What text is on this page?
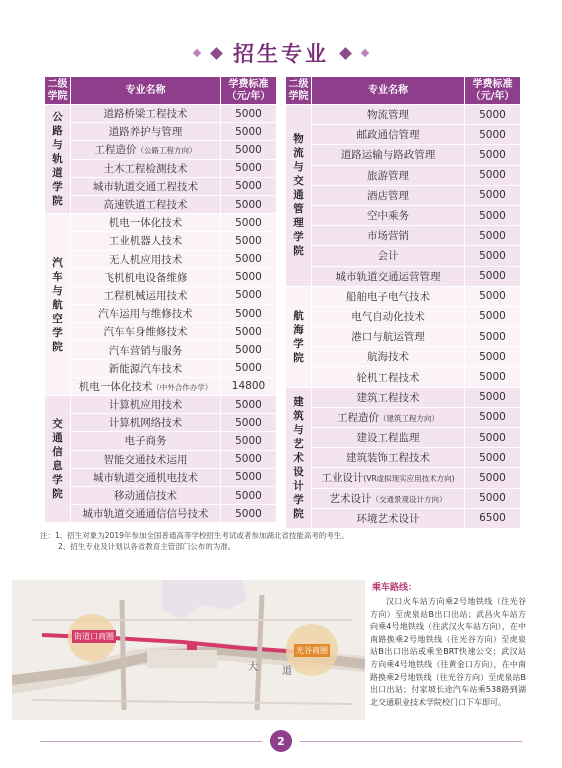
招生专业
二级学院	专业名称	学费标准（元/年）
公路与轨道学院	道路桥梁工程技术	5000
	道路养护与管理	5000
	工程造价（公路工程方向）	5000
	土木工程检测技术	5000
	城市轨道交通工程技术	5000
	高速铁道工程技术	5000
汽车与航空学院	机电一体化技术	5000
	工业机器人技术	5000
	无人机应用技术	5000
	飞机机电设备维修	5000
	工程机械运用技术	5000
	汽车运用与维修技术	5000
	汽车车身维修技术	5000
	汽车营销与服务	5000
	新能源汽车技术	5000
	机电一体化技术（中外合作办学）	14800
交通信息学院	计算机应用技术	5000
	计算机网络技术	5000
	电子商务	5000
	智能交通技术运用	5000
	城市轨道交通机电技术	5000
	移动通信技术	5000
	城市轨道交通通信信号技术	5000
二级学院	专业名称	学费标准（元/年）
物流与交通管理学院	物流管理	5000
	邮政通信管理	5000
	道路运输与路政管理	5000
	旅游管理	5000
	酒店管理	5000
	空中乘务	5000
	市场营销	5000
	会计	5000
	城市轨道交通运营管理	5000
航海学院	船舶电子电气技术	5000
	电气自动化技术	5000
	港口与航运管理	5000
	航海技术	5000
	轮机工程技术	5000
建筑与艺术设计学院	建筑工程技术	5000
	工程造价（建筑工程方向）	5000
	建设工程监理	5000
	建筑装饰工程技术	5000
	工业设计(VR虚拟现实应用技术方向)	5000
	艺术设计（交通景观设计方向）	5000
	环境艺术设计	6500
注：1、招生对象为2019年参加全国普通高等学校招生考试或者参加湖北省技能高考的考生。
2、招生专业及计划以各省教育主管部门公布的为准。
街道口商圈
光谷商圈
大 道
乘车路线：
汉口火车站方向乘2号地铁线（往光谷方向）至虎泉站B出口出站；武昌火车站方向乘4号地铁线（往武汉火车站方向），在中南路换乘2号地铁线（往光谷方向）至虎泉站B出口出站或乘坐BRT快速公交；武汉站方向乘4号地铁线（往黄金口方向），在中南路换乘2号地铁线（往光谷方向）至虎泉站B出口出站；付家坡长途汽车站乘538路到湖北交通职业技术学院校门口下车即可。
2
